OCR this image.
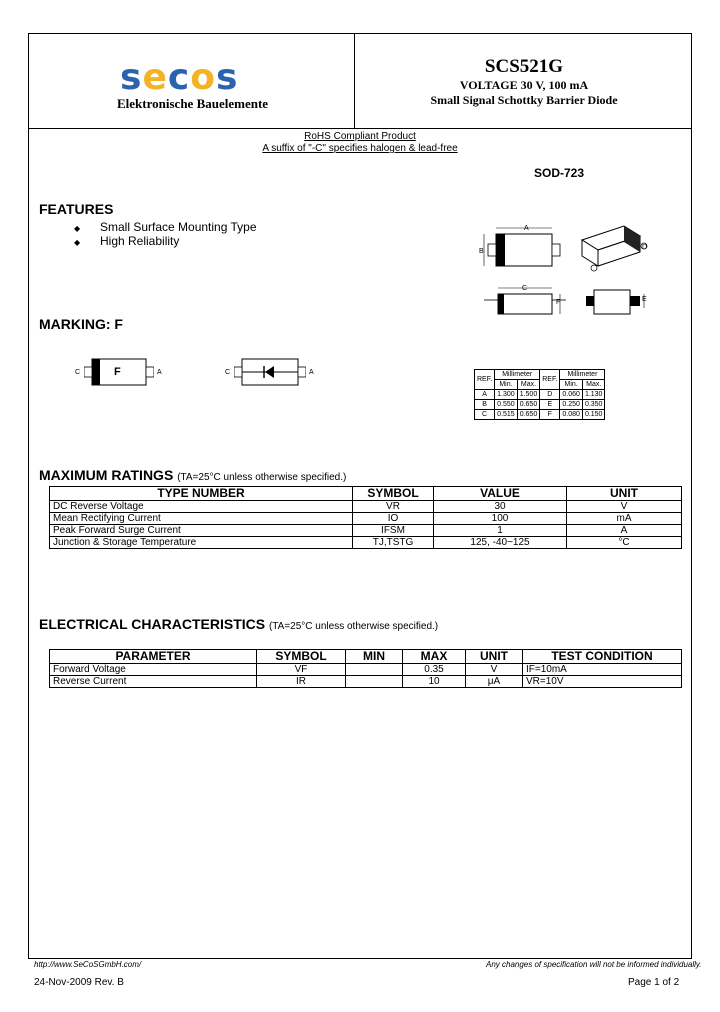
secos
Elektronische Bauelemente
SCS521G
VOLTAGE 30 V, 100 mA
Small Signal Schottky Barrier Diode
RoHS Compliant Product
A suffix of "-C" specifies halogen & lead-free
SOD-723
FEATURES
◆ Small Surface Mounting Type
◆ High Reliability
A
B
C
D
E
F
MARKING: F
F
C	A	C	A
REF.	Millimeter		REF.	Millimeter	
	Min.	Max.		Min.	Max.
A	1.300	1.500	D	0.060	1.130
B	0.550	0.650	E	0.250	0.350
C	0.515	0.650	F	0.080	0.150
MAXIMUM RATINGS (TA=25°C unless otherwise specified.)
TYPE NUMBER	SYMBOL	VALUE	UNIT
DC Reverse Voltage	VR	30	V
Mean Rectifying Current	IO	100	mA
Peak Forward Surge Current	IFSM	1	A
Junction & Storage Temperature	TJ,TSTG	125, -40~125	°C
ELECTRICAL CHARACTERISTICS (TA=25°C unless otherwise specified.)
PARAMETER	SYMBOL	MIN	MAX	UNIT	TEST CONDITION
Forward Voltage	VF		0.35	V	IF=10mA
Reverse Current	IR		10	μA	VR=10V
http://www.SeCoSGmbH.com/	Any changes of specification will not be informed individually.
24-Nov-2009 Rev. B	Page 1 of 2
